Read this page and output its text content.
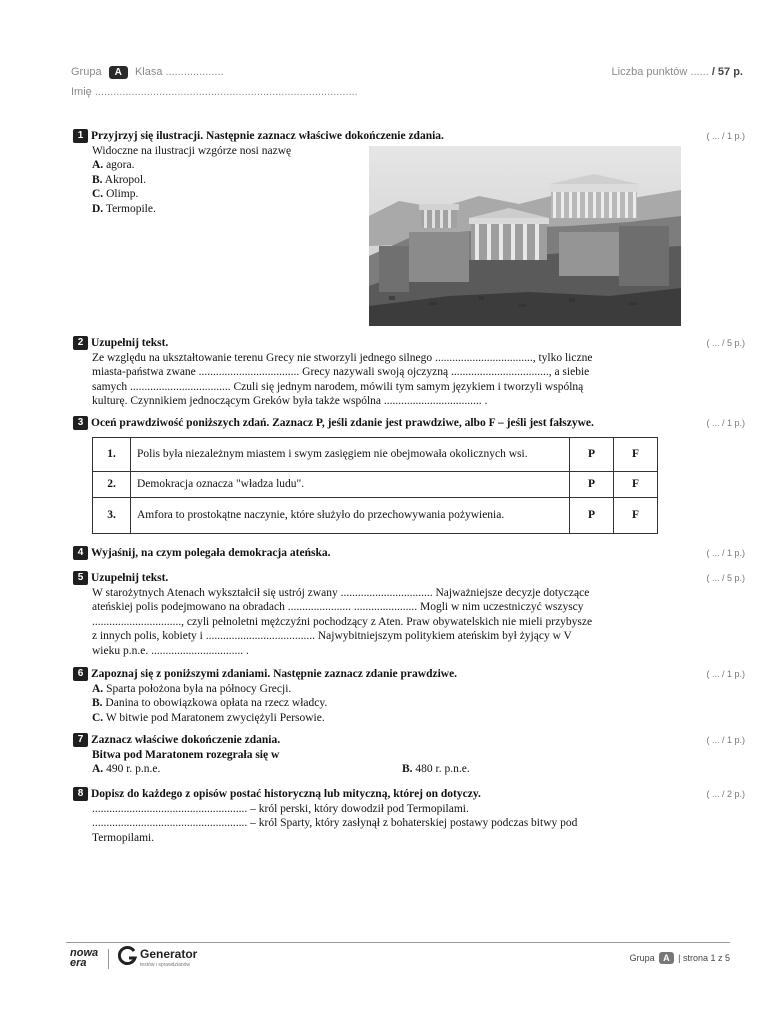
Grupa A Klasa ...................	Liczba punktów ...... / 57 p.
Imię ......................................................................................
1 Przyjrzyj się ilustracji. Następnie zaznacz właściwe dokończenie zdania.	( ... / 1 p.)
Widoczne na ilustracji wzgórze nosi nazwę
A. agora.
B. Akropol.
C. Olimp.
D. Termopile.
2 Uzupełnij tekst.	( ... / 5 p.)
Ze względu na ukształtowanie terenu Grecy nie stworzyli jednego silnego .................................., tylko liczne
miasta-państwa zwane ................................... Grecy nazywali swoją ojczyzną .................................., a siebie
samych ................................... Czuli się jednym narodem, mówili tym samym językiem i tworzyli wspólną
kulturę. Czynnikiem jednoczącym Greków była także wspólna .................................. .
3 Oceń prawdziwość poniższych zdań. Zaznacz P, jeśli zdanie jest prawdziwe, albo F – jeśli jest fałszywe.	( ... / 1 p.)
1.	Polis była niezależnym miastem i swym zasięgiem nie obejmowała okolicznych wsi.	P	F
2.	Demokracja oznacza "władza ludu".	P	F
3.	Amfora to prostokątne naczynie, które służyło do przechowywania pożywienia.	P	F
4 Wyjaśnij, na czym polegała demokracja ateńska.	( ... / 1 p.)
5 Uzupełnij tekst.	( ... / 5 p.)
W starożytnych Atenach wykształcił się ustrój zwany ................................ Najważniejsze decyzje dotyczące
ateńskiej polis podejmowano na obradach ...................... ...................... Mogli w nim uczestniczyć wszyscy
..............................., czyli pełnoletni mężczyźni pochodzący z Aten. Praw obywatelskich nie mieli przybysze
z innych polis, kobiety i ...................................... Najwybitniejszym politykiem ateńskim był żyjący w V
wieku p.n.e. ................................ .
6 Zapoznaj się z poniższymi zdaniami. Następnie zaznacz zdanie prawdziwe.	( ... / 1 p.)
A. Sparta położona była na północy Grecji.
B. Danina to obowiązkowa opłata na rzecz władcy.
C. W bitwie pod Maratonem zwyciężyli Persowie.
7 Zaznacz właściwe dokończenie zdania.	( ... / 1 p.)
Bitwa pod Maratonem rozegrała się w
A. 490 r. p.n.e.	B. 480 r. p.n.e.
8 Dopisz do każdego z opisów postać historyczną lub mityczną, której on dotyczy.	( ... / 2 p.)
...................................................... – król perski, który dowodził pod Termopilami.
...................................................... – król Sparty, który zasłynął z bohaterskiej postawy podczas bitwy pod
Termopilami.
nowa
era
Generator
testów i sprawdzianów
Grupa A | strona 1 z 5
